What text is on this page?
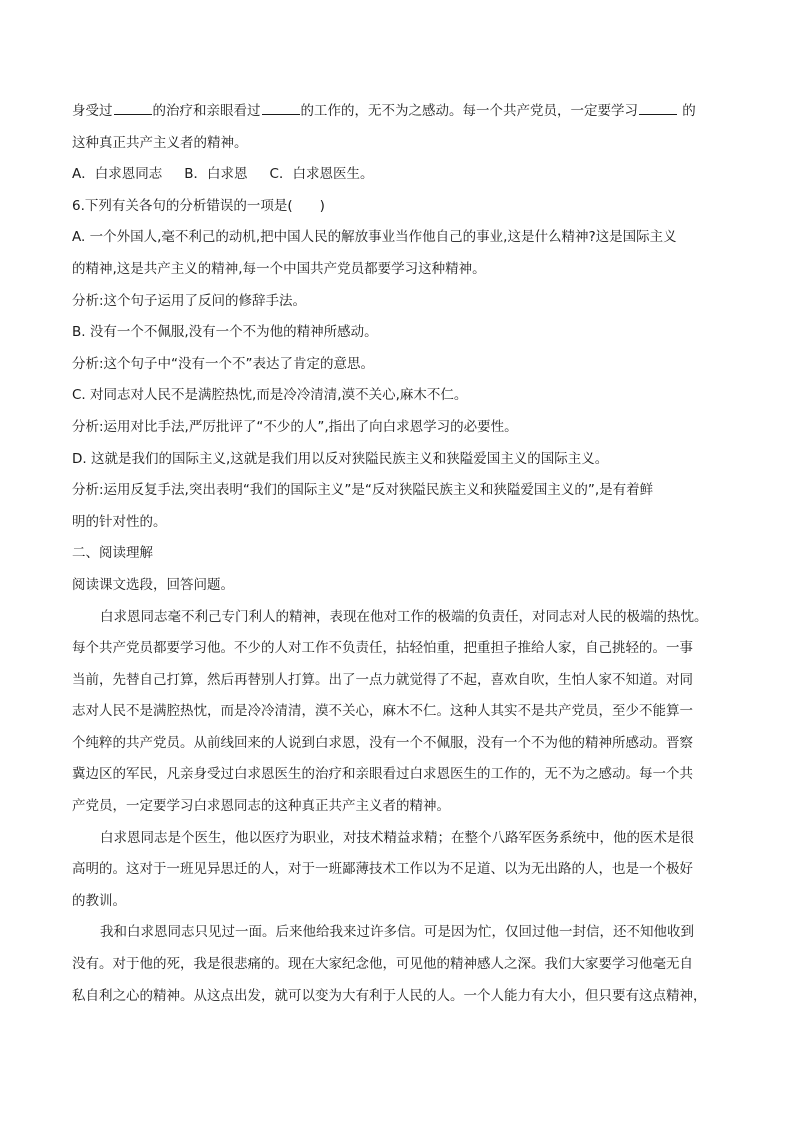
身受过	的治疗和亲眼看过	的工作的，无不为之感动。每一个共产党员，一定要学习	的

这种真正共产主义者的精神。

A．白求恩同志 B．白求恩 C．白求恩医生。

6.下列有关各句的分析错误的一项是(　　)

A. 一个外国人,毫不利己的动机,把中国人民的解放事业当作他自己的事业,这是什么精神?这是国际主义

的精神,这是共产主义的精神,每一个中国共产党员都要学习这种精神。

分析:这个句子运用了反问的修辞手法。

B. 没有一个不佩服,没有一个不为他的精神所感动。

分析:这个句子中“没有一个不”表达了肯定的意思。

C. 对同志对人民不是满腔热忱,而是冷冷清清,漠不关心,麻木不仁。

分析:运用对比手法,严厉批评了“不少的人”,指出了向白求恩学习的必要性。

D. 这就是我们的国际主义,这就是我们用以反对狭隘民族主义和狭隘爱国主义的国际主义。

分析:运用反复手法,突出表明“我们的国际主义”是“反对狭隘民族主义和狭隘爱国主义的”,是有着鲜

明的针对性的。

二、阅读理解

阅读课文选段，回答问题。

白求恩同志毫不利己专门利人的精神，表现在他对工作的极端的负责任，对同志对人民的极端的热忱。

每个共产党员都要学习他。不少的人对工作不负责任，拈轻怕重，把重担子推给人家，自己挑轻的。一事

当前，先替自己打算，然后再替别人打算。出了一点力就觉得了不起，喜欢自吹，生怕人家不知道。对同

志对人民不是满腔热忱，而是冷冷清清，漠不关心，麻木不仁。这种人其实不是共产党员，至少不能算一

个纯粹的共产党员。从前线回来的人说到白求恩，没有一个不佩服，没有一个不为他的精神所感动。晋察

冀边区的军民，凡亲身受过白求恩医生的治疗和亲眼看过白求恩医生的工作的，无不为之感动。每一个共

产党员，一定要学习白求恩同志的这种真正共产主义者的精神。

白求恩同志是个医生，他以医疗为职业，对技术精益求精；在整个八路军医务系统中，他的医术是很

高明的。这对于一班见异思迁的人，对于一班鄙薄技术工作以为不足道、以为无出路的人，也是一个极好

的教训。

我和白求恩同志只见过一面。后来他给我来过许多信。可是因为忙，仅回过他一封信，还不知他收到

没有。对于他的死，我是很悲痛的。现在大家纪念他，可见他的精神感人之深。我们大家要学习他毫无自

私自利之心的精神。从这点出发，就可以变为大有利于人民的人。一个人能力有大小，但只要有这点精神，
